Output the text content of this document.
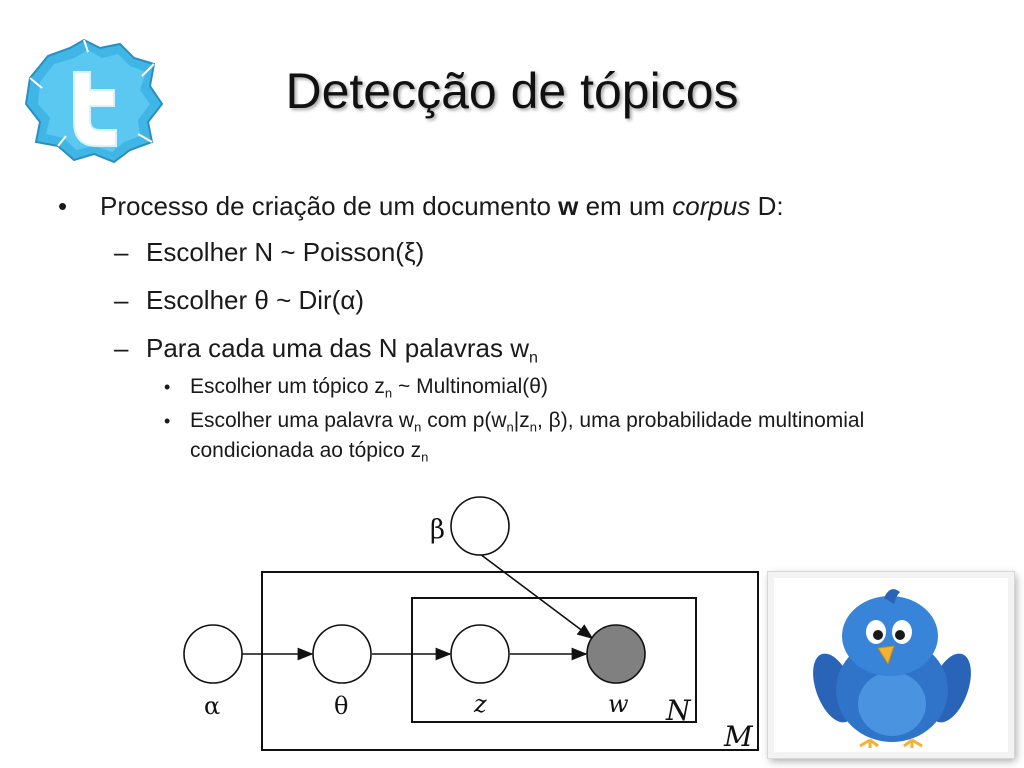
Detecção de tópicos
• Processo de criação de um documento w em um corpus D:
– Escolher N ~ Poisson(ξ)
– Escolher θ ~ Dir(α)
– Para cada uma das N palavras $w_n$
• Escolher um tópico $z_n$ ~ Multinomial(θ)
• Escolher uma palavra $w_n$ com $p(w_n|z_n$, β), uma probabilidade multinomial condicionada ao tópico $z_n$
β
α	θ	z	w N
M
